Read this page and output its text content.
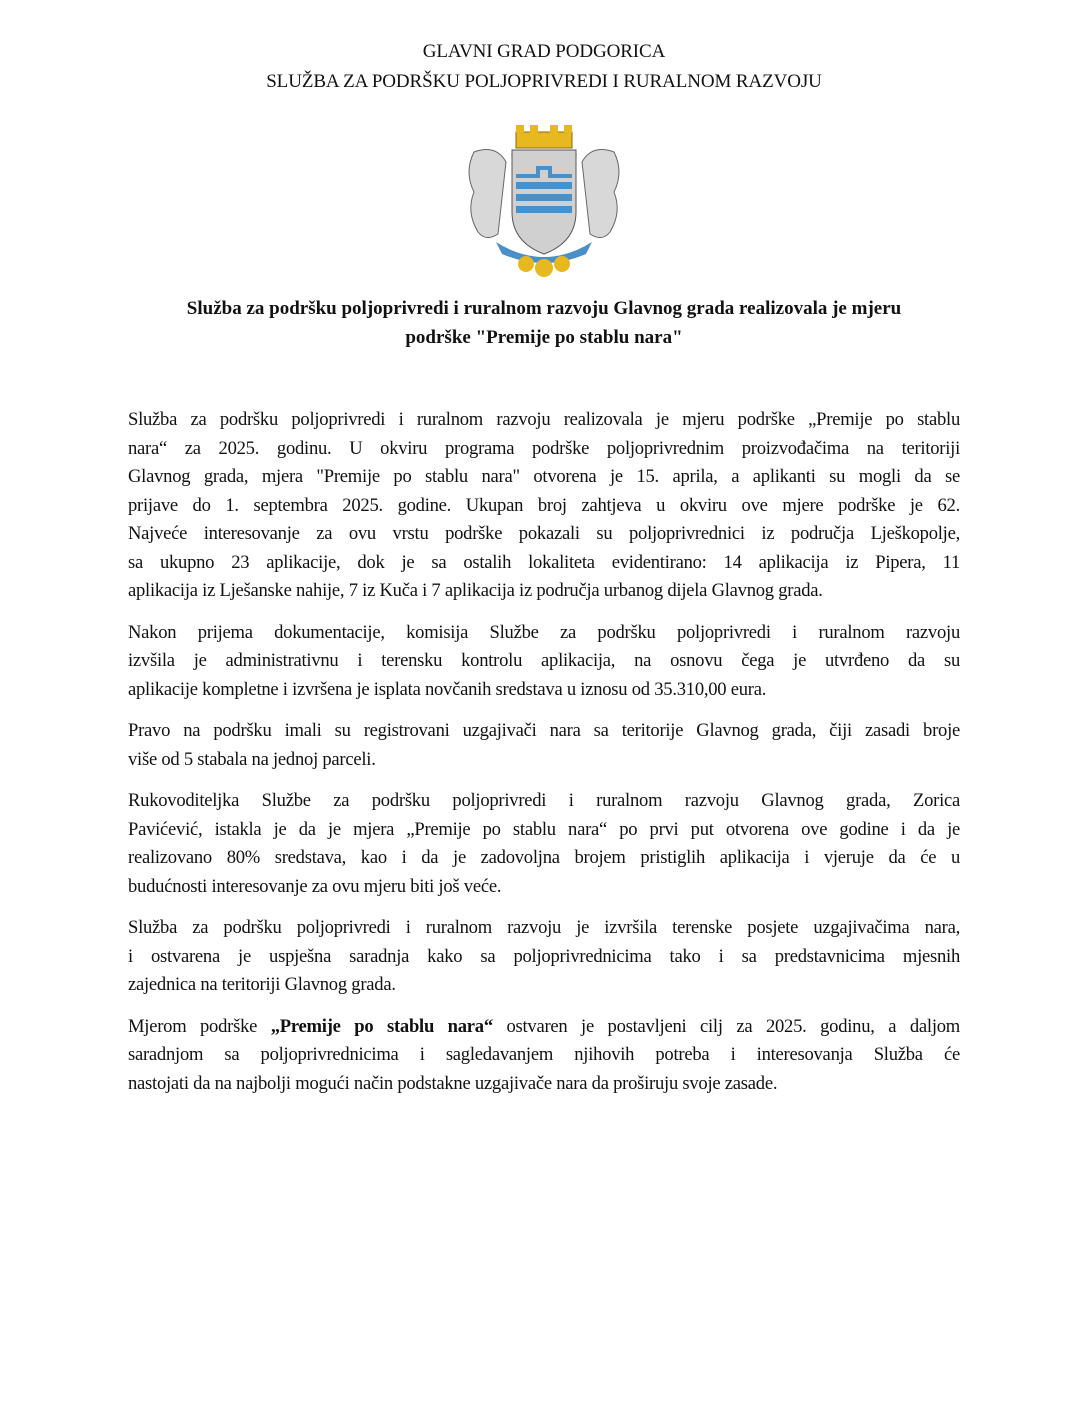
GLAVNI GRAD PODGORICA
SLUŽBA ZA PODRŠKU POLJOPRIVREDI I RURALNOM RAZVOJU
Služba za podršku poljoprivredi i ruralnom razvoju Glavnog grada realizovala je mjeru
podrške "Premije po stablu nara"

Služba za podršku poljoprivredi i ruralnom razvoju realizovala je mjeru podrške „Premije po stablu
nara“ za 2025. godinu. U okviru programa podrške poljoprivrednim proizvođačima na teritoriji
Glavnog grada, mjera "Premije po stablu nara" otvorena je 15. aprila, a aplikanti su mogli da se
prijave do 1. septembra 2025. godine. Ukupan broj zahtjeva u okviru ove mjere podrške je 62.
Najveće interesovanje za ovu vrstu podrške pokazali su poljoprivrednici iz područja Lješkopolje,
sa ukupno 23 aplikacije, dok je sa ostalih lokaliteta evidentirano: 14 aplikacija iz Pipera, 11
aplikacija iz Lješanske nahije, 7 iz Kuča i 7 aplikacija iz područja urbanog dijela Glavnog grada.

Nakon prijema dokumentacije, komisija Službe za podršku poljoprivredi i ruralnom razvoju
izvšila je administrativnu i terensku kontrolu aplikacija, na osnovu čega je utvrđeno da su
aplikacije kompletne i izvršena je isplata novčanih sredstava u iznosu od 35.310,00 eura.

Pravo na podršku imali su registrovani uzgajivači nara sa teritorije Glavnog grada, čiji zasadi broje
više od 5 stabala na jednoj parceli.

Rukovoditeljka Službe za podršku poljoprivredi i ruralnom razvoju Glavnog grada, Zorica
Pavićević, istakla je da je mjera „Premije po stablu nara“ po prvi put otvorena ove godine i da je
realizovano 80% sredstava, kao i da je zadovoljna brojem pristiglih aplikacija i vjeruje da će u
budućnosti interesovanje za ovu mjeru biti još veće.

Služba za podršku poljoprivredi i ruralnom razvoju je izvršila terenske posjete uzgajivačima nara,
i ostvarena je uspješna saradnja kako sa poljoprivrednicima tako i sa predstavnicima mjesnih
zajednica na teritoriji Glavnog grada.

Mjerom podrške „Premije po stablu nara“ ostvaren je postavljeni cilj za 2025. godinu, a daljom
saradnjom sa poljoprivrednicima i sagledavanjem njihovih potreba i interesovanja Služba će
nastojati da na najbolji mogući način podstakne uzgajivače nara da proširuju svoje zasade.
